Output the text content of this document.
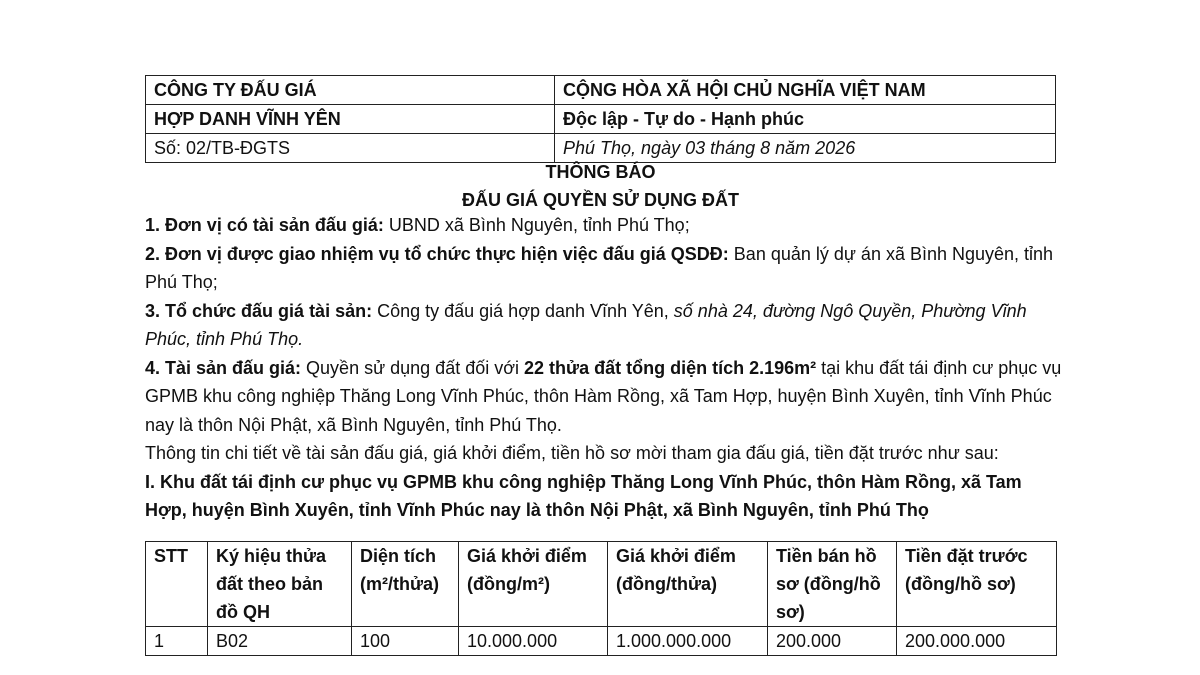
CÔNG TY ĐẤU GIÁ	CỘNG HÒA XÃ HỘI CHỦ NGHĨA VIỆT NAM
HỢP DANH VĨNH YÊN	Độc lập - Tự do - Hạnh phúc
Số: 02/TB-ĐGTS	Phú Thọ, ngày 03 tháng 8 năm 2026
THÔNG BÁO
ĐẤU GIÁ QUYỀN SỬ DỤNG ĐẤT

1. Đơn vị có tài sản đấu giá: UBND xã Bình Nguyên, tỉnh Phú Thọ;

2. Đơn vị được giao nhiệm vụ tổ chức thực hiện việc đấu giá QSDĐ: Ban quản lý dự án xã Bình Nguyên, tỉnh Phú Thọ;

3. Tổ chức đấu giá tài sản: Công ty đấu giá hợp danh Vĩnh Yên, số nhà 24, đường Ngô Quyền, Phường Vĩnh Phúc, tỉnh Phú Thọ.

4. Tài sản đấu giá: Quyền sử dụng đất đối với 22 thửa đất tổng diện tích 2.196m² tại khu đất tái định cư phục vụ GPMB khu công nghiệp Thăng Long Vĩnh Phúc, thôn Hàm Rồng, xã Tam Hợp, huyện Bình Xuyên, tỉnh Vĩnh Phúc nay là thôn Nội Phật, xã Bình Nguyên, tỉnh Phú Thọ.

Thông tin chi tiết về tài sản đấu giá, giá khởi điểm, tiền hồ sơ mời tham gia đấu giá, tiền đặt trước như sau:

I. Khu đất tái định cư phục vụ GPMB khu công nghiệp Thăng Long Vĩnh Phúc, thôn Hàm Rồng, xã Tam Hợp, huyện Bình Xuyên, tỉnh Vĩnh Phúc nay là thôn Nội Phật, xã Bình Nguyên, tỉnh Phú Thọ

STT	Ký hiệu thửa đất theo bản đồ QH	Diện tích (m²/thửa)	Giá khởi điểm (đồng/m²)	Giá khởi điểm (đồng/thửa)	Tiền bán hồ sơ (đồng/hồ sơ)	Tiền đặt trước (đồng/hồ sơ)
1	B02	100	10.000.000	1.000.000.000	200.000	200.000.000
